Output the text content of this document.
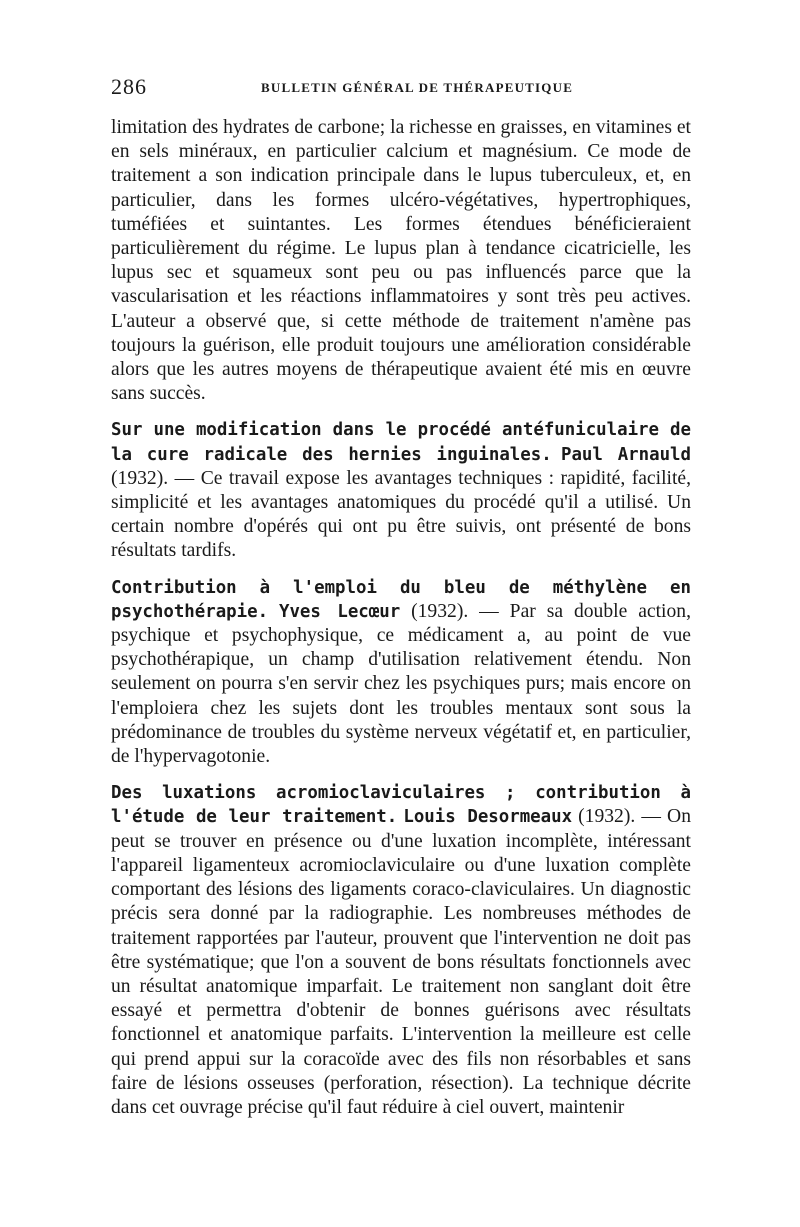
286	BULLETIN GÉNÉRAL DE THÉRAPEUTIQUE

limitation des hydrates de carbone; la richesse en graisses, en vitamines et en sels minéraux, en particulier calcium et magnésium. Ce mode de traitement a son indication principale dans le lupus tuberculeux, et, en particulier, dans les formes ulcéro-végétatives, hypertrophiques, tuméfiées et suintantes. Les formes étendues bénéficieraient particulièrement du régime. Le lupus plan à tendance cicatricielle, les lupus sec et squameux sont peu ou pas influencés parce que la vascularisation et les réactions inflammatoires y sont très peu actives. L'auteur a observé que, si cette méthode de traitement n'amène pas toujours la guérison, elle produit toujours une amélioration considérable alors que les autres moyens de thérapeutique avaient été mis en œuvre sans succès.

Sur une modification dans le procédé antéfuniculaire de la cure radicale des hernies inguinales. Paul Arnauld (1932). — Ce travail expose les avantages techniques : rapidité, facilité, simplicité et les avantages anatomiques du procédé qu'il a utilisé. Un certain nombre d'opérés qui ont pu être suivis, ont présenté de bons résultats tardifs.

Contribution à l'emploi du bleu de méthylène en psychothérapie. Yves Lecœur (1932). — Par sa double action, psychique et psychophysique, ce médicament a, au point de vue psychothérapique, un champ d'utilisation relativement étendu. Non seulement on pourra s'en servir chez les psychiques purs; mais encore on l'emploiera chez les sujets dont les troubles mentaux sont sous la prédominance de troubles du système nerveux végétatif et, en particulier, de l'hypervagotonie.

Des luxations acromioclaviculaires ; contribution à l'étude de leur traitement. Louis Desormeaux (1932). — On peut se trouver en présence ou d'une luxation incomplète, intéressant l'appareil ligamenteux acromioclaviculaire ou d'une luxation complète comportant des lésions des ligaments coraco-claviculaires. Un diagnostic précis sera donné par la radiographie. Les nombreuses méthodes de traitement rapportées par l'auteur, prouvent que l'intervention ne doit pas être systématique; que l'on a souvent de bons résultats fonctionnels avec un résultat anatomique imparfait. Le traitement non sanglant doit être essayé et permettra d'obtenir de bonnes guérisons avec résultats fonctionnel et anatomique parfaits. L'intervention la meilleure est celle qui prend appui sur la coracoïde avec des fils non résorbables et sans faire de lésions osseuses (perforation, résection). La technique décrite dans cet ouvrage précise qu'il faut réduire à ciel ouvert, maintenir
